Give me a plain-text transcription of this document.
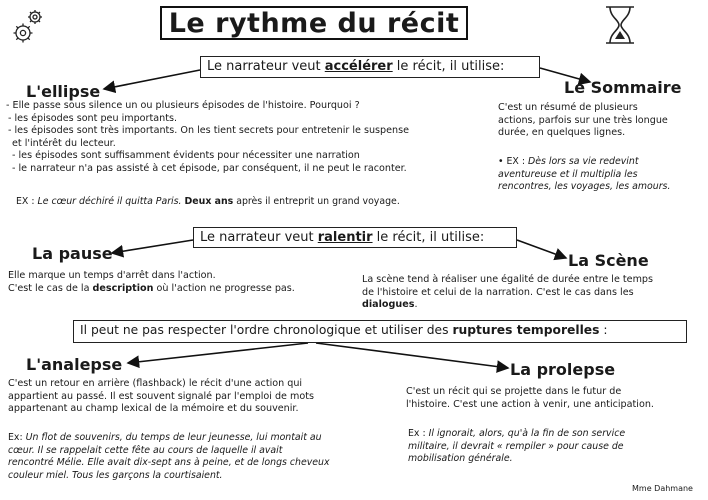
Le rythme du récit
Le narrateur veut accélérer le récit, il utilise:
L'ellipse
- Elle passe sous silence un ou plusieurs épisodes de l'histoire. Pourquoi ?
- les épisodes sont peu importants.
- les épisodes sont très importants. On les tient secrets pour entretenir le suspense
et l'intérêt du lecteur.
- les épisodes sont suffisamment évidents pour nécessiter une narration
- le narrateur n'a pas assisté à cet épisode, par conséquent, il ne peut le raconter.
EX : Le cœur déchiré il quitta Paris. Deux ans après il entreprit un grand voyage.
Le Sommaire
C'est un résumé de plusieurs
actions, parfois sur une très longue
durée, en quelques lignes.
• EX : Dès lors sa vie redevint
aventureuse et il multiplia les
rencontres, les voyages, les amours.
Le narrateur veut ralentir le récit, il utilise:
La pause
Elle marque un temps d'arrêt dans l'action.
C'est le cas de la description où l'action ne progresse pas.
La Scène
La scène tend à réaliser une égalité de durée entre le temps
de l'histoire et celui de la narration. C'est le cas dans les
dialogues.
Il peut ne pas respecter l'ordre chronologique et utiliser des ruptures temporelles :
L'analepse
C'est un retour en arrière (flashback) le récit d'une action qui
appartient au passé. Il est souvent signalé par l'emploi de mots
appartenant au champ lexical de la mémoire et du souvenir.
Ex: Un flot de souvenirs, du temps de leur jeunesse, lui montait au
cœur. Il se rappelait cette fête au cours de laquelle il avait
rencontré Mélie. Elle avait dix-sept ans à peine, et de longs cheveux
couleur miel. Tous les garçons la courtisaient.
La prolepse
C'est un récit qui se projette dans le futur de
l'histoire. C'est une action à venir, une anticipation.
Ex : Il ignorait, alors, qu'à la fin de son service
militaire, il devrait « rempiler » pour cause de
mobilisation générale.
Mme Dahmane
